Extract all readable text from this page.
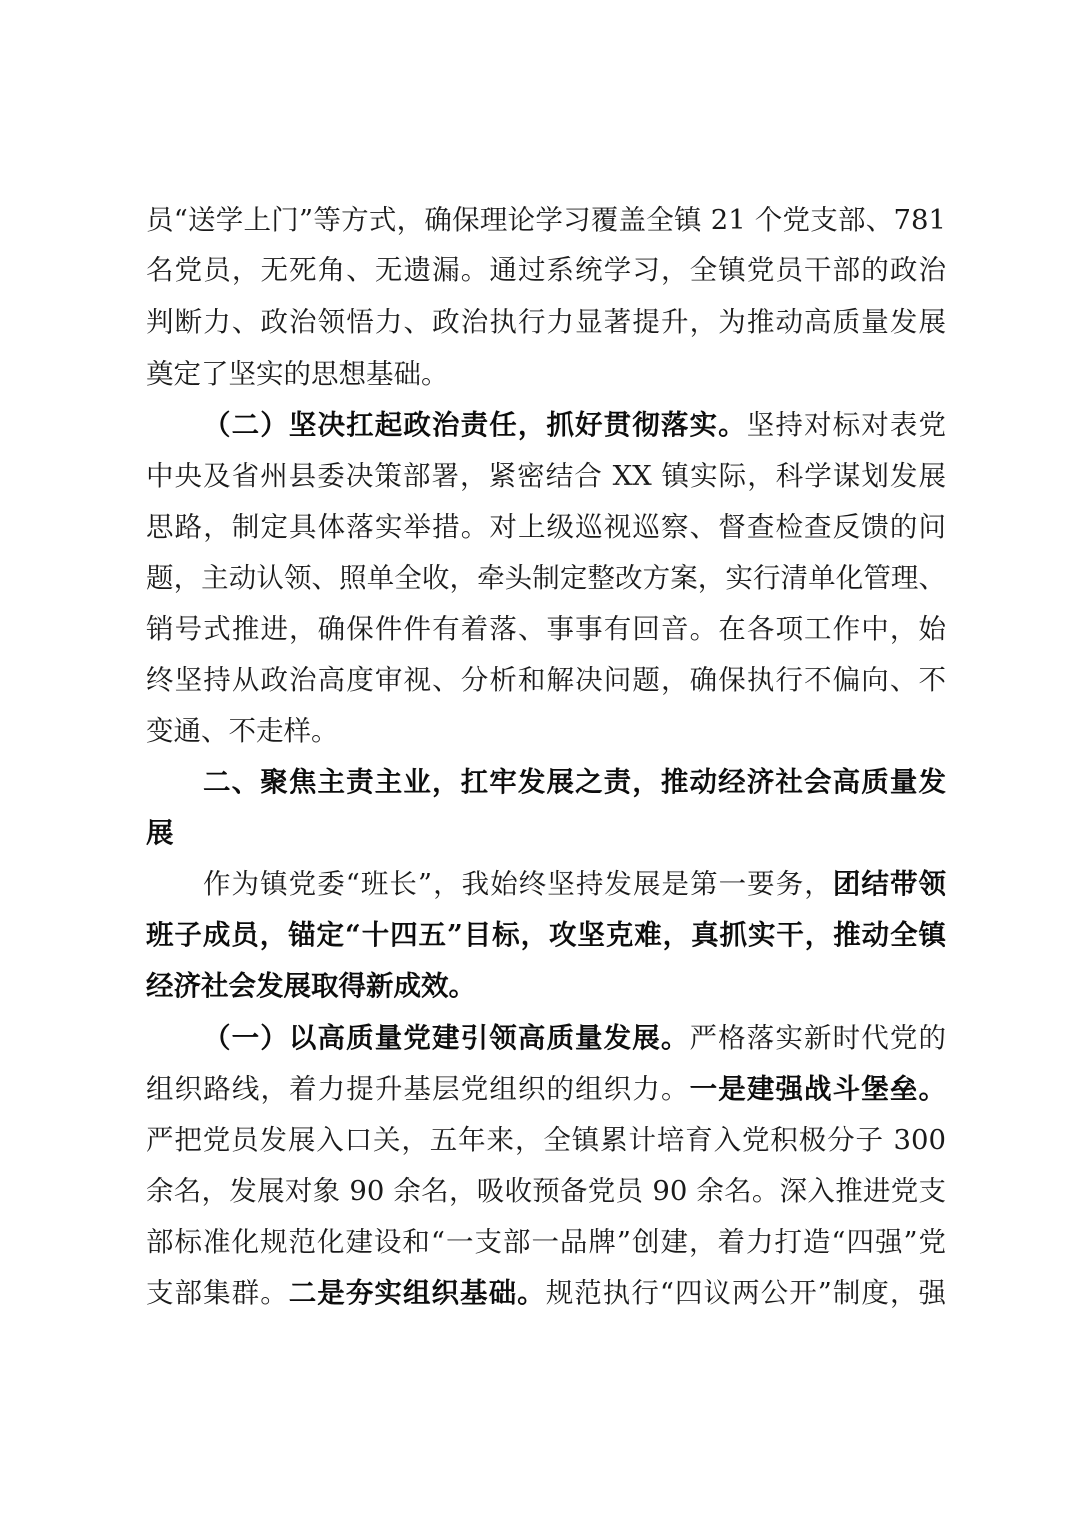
员“送学上门”等方式，确保理论学习覆盖全镇 21 个党支部、781
名党员，无死角、无遗漏。通过系统学习，全镇党员干部的政治
判断力、政治领悟力、政治执行力显著提升，为推动高质量发展
奠定了坚实的思想基础。
（二）坚决扛起政治责任，抓好贯彻落实。坚持对标对表党
中央及省州县委决策部署，紧密结合 XX 镇实际，科学谋划发展
思路，制定具体落实举措。对上级巡视巡察、督查检查反馈的问
题，主动认领、照单全收，牵头制定整改方案，实行清单化管理、
销号式推进，确保件件有着落、事事有回音。在各项工作中，始
终坚持从政治高度审视、分析和解决问题，确保执行不偏向、不
变通、不走样。
二、聚焦主责主业，扛牢发展之责，推动经济社会高质量发
展
作为镇党委“班长”，我始终坚持发展是第一要务，团结带领
班子成员，锚定“十四五”目标，攻坚克难，真抓实干，推动全镇
经济社会发展取得新成效。
（一）以高质量党建引领高质量发展。严格落实新时代党的
组织路线，着力提升基层党组织的组织力。一是建强战斗堡垒。
严把党员发展入口关，五年来，全镇累计培育入党积极分子 300
余名，发展对象 90 余名，吸收预备党员 90 余名。深入推进党支
部标准化规范化建设和“一支部一品牌”创建，着力打造“四强”党
支部集群。二是夯实组织基础。规范执行“四议两公开”制度，强
